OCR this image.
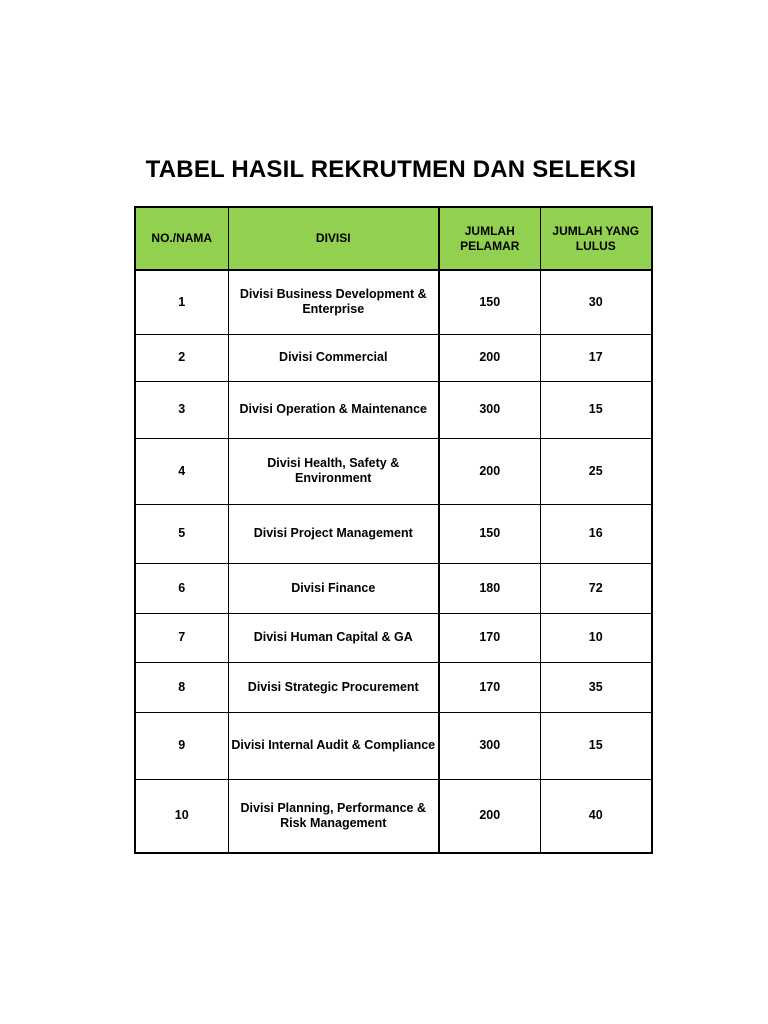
TABEL HASIL REKRUTMEN DAN SELEKSI
NO./NAMA	DIVISI	JUMLAH PELAMAR	JUMLAH YANG LULUS
1	Divisi Business Development & Enterprise	150	30
2	Divisi Commercial	200	17
3	Divisi Operation & Maintenance	300	15
4	Divisi Health, Safety & Environment	200	25
5	Divisi Project Management	150	16
6	Divisi Finance	180	72
7	Divisi Human Capital & GA	170	10
8	Divisi Strategic Procurement	170	35
9	Divisi Internal Audit & Compliance	300	15
10	Divisi Planning, Performance & Risk Management	200	40
